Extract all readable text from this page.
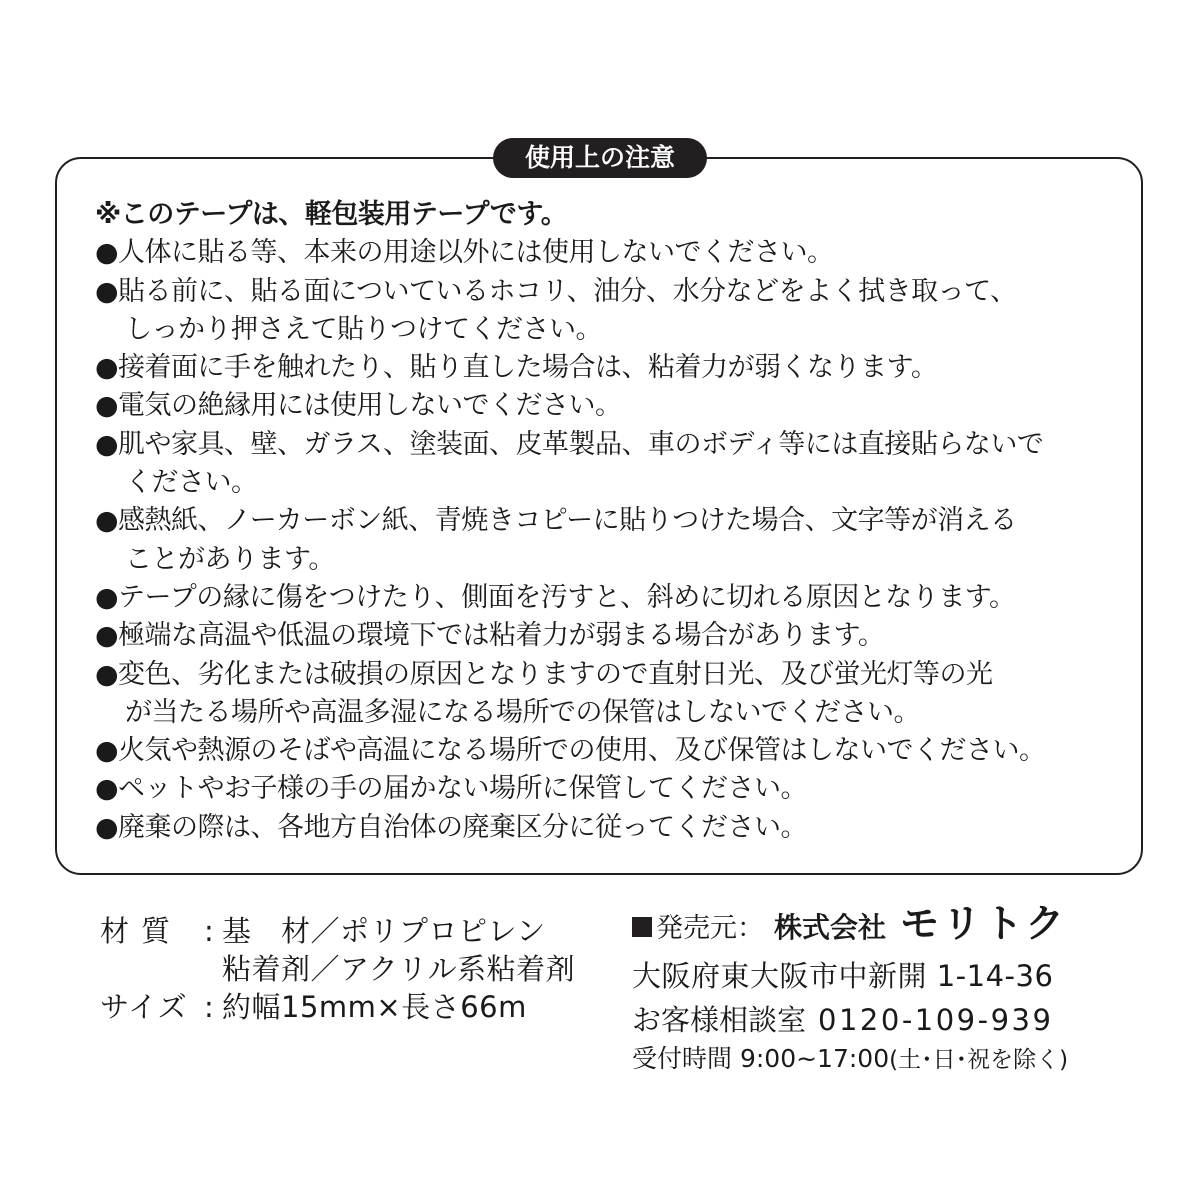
使用上の注意
※このテープは、軽包装用テープです。
●人体に貼る等、本来の用途以外には使用しないでください。
●貼る前に、貼る面についているホコリ、油分、水分などをよく拭き取って、
しっかり押さえて貼りつけてください。
●接着面に手を触れたり、貼り直した場合は、粘着力が弱くなります。
●電気の絶縁用には使用しないでください。
●肌や家具、壁、ガラス、塗装面、皮革製品、車のボディ等には直接貼らないで
ください。
●感熱紙、ノーカーボン紙、青焼きコピーに貼りつけた場合、文字等が消える
ことがあります。
●テープの縁に傷をつけたり、側面を汚すと、斜めに切れる原因となります。
●極端な高温や低温の環境下では粘着力が弱まる場合があります。
●変色、劣化または破損の原因となりますので直射日光、及び蛍光灯等の光
が当たる場所や高温多湿になる場所での保管はしないでください。
●火気や熱源のそばや高温になる場所での使用、及び保管はしないでください。
●ペットやお子様の手の届かない場所に保管してください。
●廃棄の際は、各地方自治体の廃棄区分に従ってください。
材質 : 基　材／ポリプロピレン
粘着剤／アクリル系粘着剤
サイズ : 約幅15mm×長さ66m
発売元： 株式会社 モリトク
大阪府東大阪市中新開 1-14-36
お客様相談室 0120-109-939
受付時間 9:00~17:00(土･日･祝を除く)
